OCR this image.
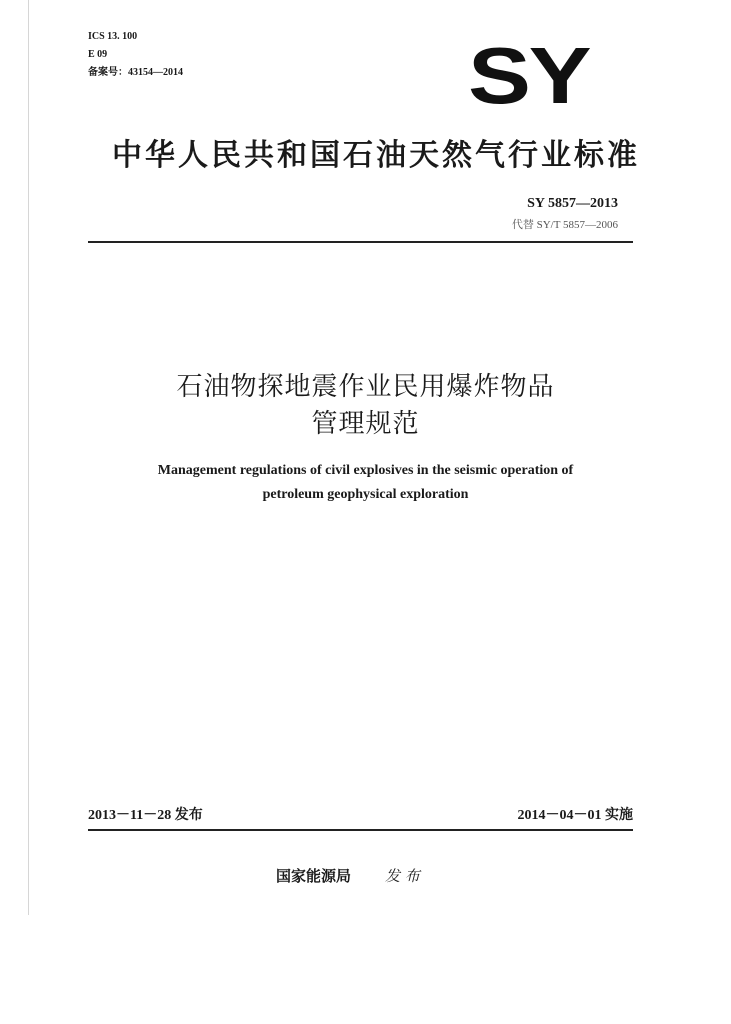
ICS 13. 100
E 09
备案号：43154—2014	SY
中华人民共和国石油天然气行业标准
SY 5857—2013
代替 SY/T 5857—2006
石油物探地震作业民用爆炸物品
管理规范
Management regulations of civil explosives in the seismic operation of
petroleum geophysical exploration
2013－11－28 发布	2014－04－01 实施
国家能源局 发 布
